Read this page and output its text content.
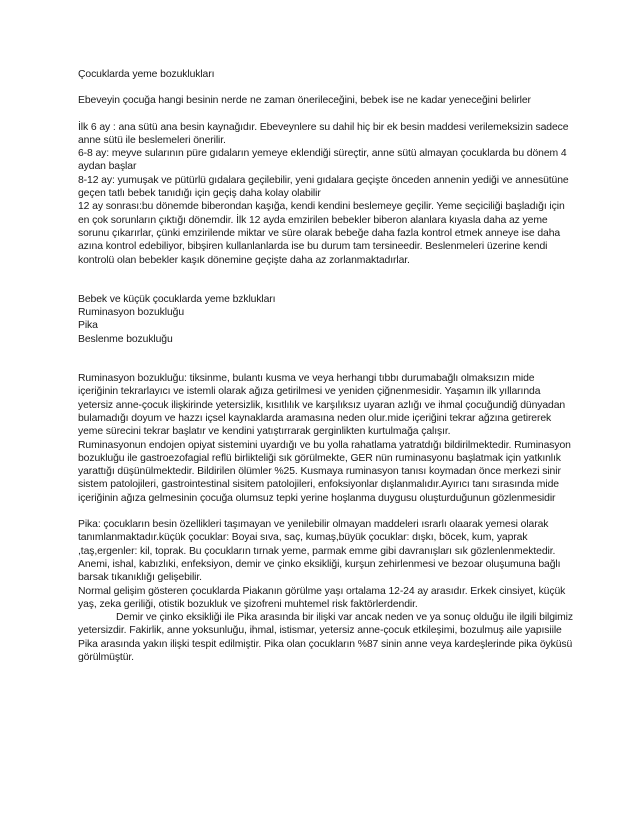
Çocuklarda yeme bozuklukları

Ebeveyin çocuğa hangi besinin nerde ne zaman önerileceğini, bebek ise ne kadar yeneceğini belirler

İlk 6 ay : ana sütü ana besin kaynağıdır. Ebeveynlere su dahil hiç bir ek besin maddesi verilemeksizin sadece anne sütü ile beslemeleri önerilir.

6-8 ay: meyve sularının püre gıdaların yemeye eklendiği süreçtir, anne sütü almayan çocuklarda bu dönem 4 aydan başlar

8-12 ay: yumuşak ve pütürlü gıdalara geçilebilir, yeni gıdalara geçişte önceden annenin yediği ve annesütüne geçen tatlı bebek tanıdığı için geçiş daha kolay olabilir

12 ay sonrası:bu dönemde biberondan kaşığa, kendi kendini beslemeye geçilir. Yeme seçiciliği başladığı için en çok sorunların çıktığı dönemdir. İlk 12 ayda emzirilen bebekler biberon alanlara kıyasla daha az yeme sorunu çıkarırlar, çünki emzirilende miktar ve süre olarak bebeğe daha fazla kontrol etmek anneye ise daha azına kontrol edebiliyor, bibşiren kullanlanlarda ise bu durum tam tersineedir. Beslenmeleri üzerine kendi kontrolü olan bebekler kaşık dönemine geçişte daha az zorlanmaktadırlar.

Bebek ve küçük çocuklarda yeme bzklukları

Ruminasyon bozukluğu

Pika

Beslenme bozukluğu

Ruminasyon bozukluğu: tiksinme, bulantı kusma ve veya herhangi tıbbı durumabağlı olmaksızın mide içeriğinin tekrarlayıcı ve istemli olarak ağıza getirilmesi ve yeniden çiğnenmesidir. Yaşamın ilk yıllarında yetersiz anne-çocuk ilişkirinde yetersizlik, kısıtlılık ve karşılıksız uyaran azlığı ve ihmal çocuğundiğ dünyadan bulamadığı doyum ve hazzı içsel kaynaklarda aramasına neden olur.mide içeriğini tekrar ağzına getirerek yeme sürecini tekrar başlatır ve kendini yatıştırrarak gerginlikten kurtulmağa çalışır.

Ruminasyonun endojen opiyat sistemini uyardığı ve bu yolla rahatlama yatratdığı bildirilmektedir. Ruminasyon bozukluğu ile gastroezofagial reflü birlikteliği sık görülmekte, GER nün ruminasyonu başlatmak için yatkınlık yarattığı düşünülmektedir. Bildirilen ölümler %25. Kusmaya ruminasyon tanısı koymadan önce merkezi sinir sistem patolojileri, gastrointestinal sisitem patolojileri, enfoksiyonlar dışlanmalıdır.Ayırıcı tanı sırasında mide içeriğinin ağıza gelmesinin çocuğa olumsuz tepki yerine hoşlanma duygusu oluşturduğunun gözlenmesidir

Pika: çocukların besin özellikleri taşımayan ve yenilebilir olmayan maddeleri ısrarlı olaarak yemesi olarak tanımlanmaktadır.küçük çocuklar: Boyai sıva, saç, kumaş,büyük çocuklar: dışkı, böcek, kum, yaprak ,taş,ergenler: kil, toprak. Bu çocukların tırnak yeme, parmak emme gibi davranışları sık gözlenlenmektedir. Anemi, ishal, kabızlıki, enfeksiyon, demir ve çinko eksikliği, kurşun zehirlenmesi ve bezoar oluşumuna bağlı barsak tıkanıklığı gelişebilir.

Normal gelişim gösteren çocuklarda Piakanın görülme yaşı ortalama 12-24 ay arasıdır. Erkek cinsiyet, küçük yaş, zeka geriliği, otistik bozukluk ve şizofreni muhtemel risk faktörlerdendir.

Demir ve çinko eksikliği ile Pika arasında bir ilişki var ancak neden ve ya sonuç olduğu ile ilgili bilgimiz yetersizdir. Fakirlik, anne yoksunluğu, ihmal, istismar, yetersiz anne-çocuk etkileşimi, bozulmuş aile yapısiile Pika arasında yakın ilişki tespit edilmiştir. Pika olan çocukların %87 sinin anne veya kardeşlerinde pika öyküsü görülmüştür.
